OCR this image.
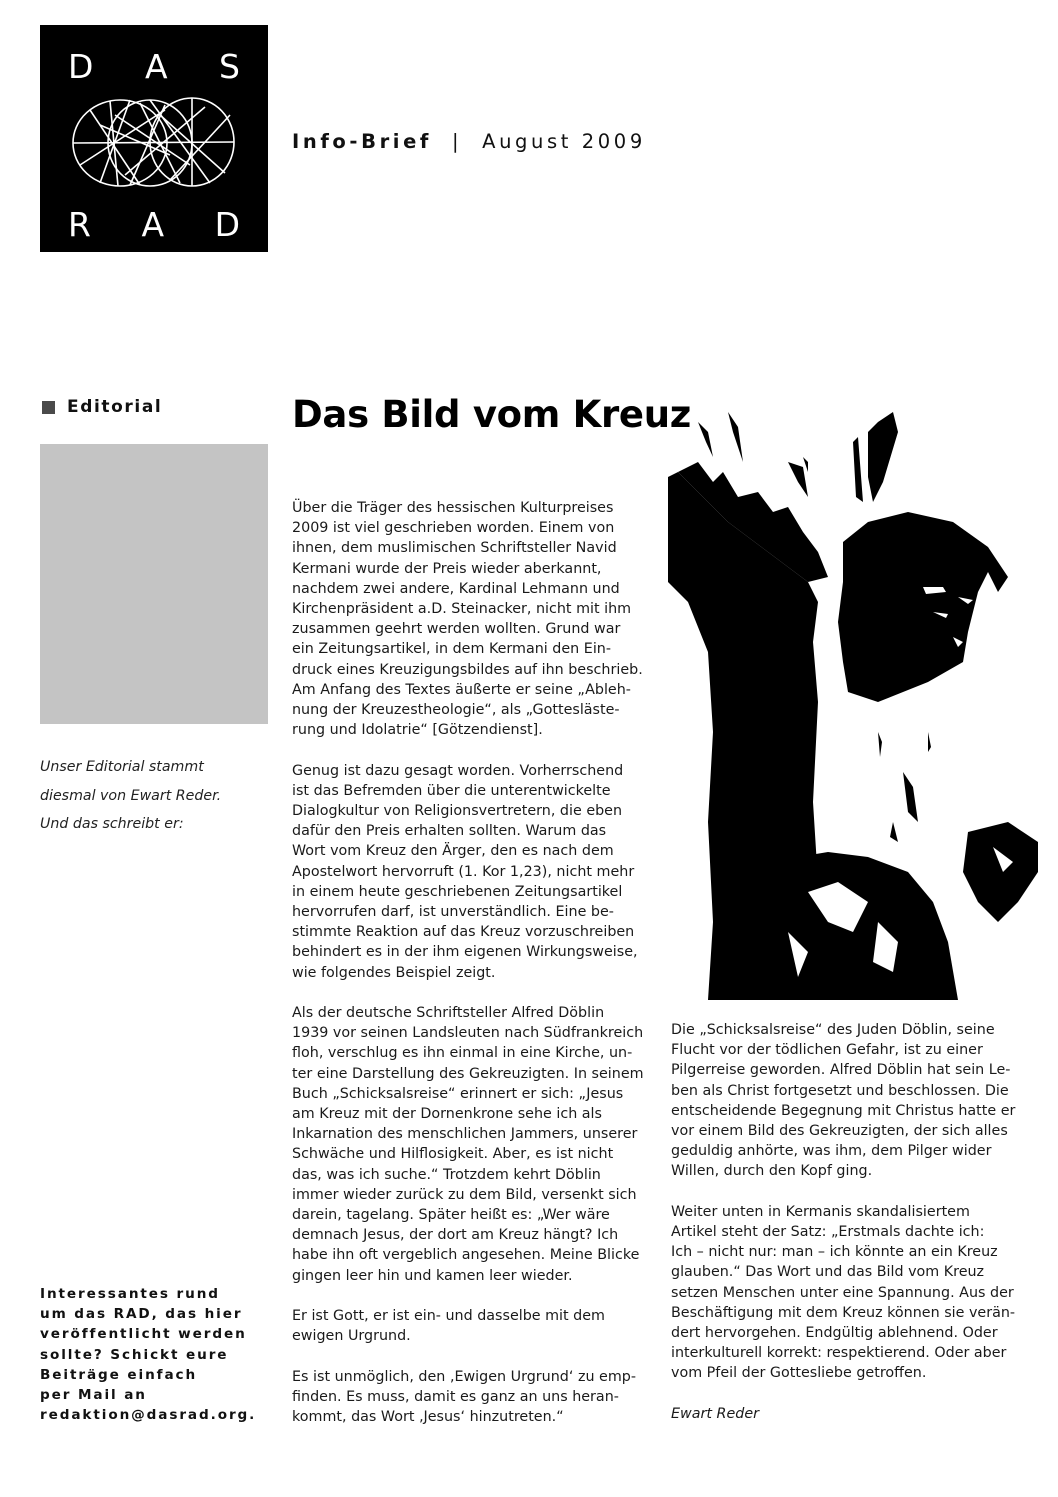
D A S
R A D
Info-Brief | August 2009
Editorial	Das Bild vom Kreuz

Unser Editorial stammt

diesmal von Ewart Reder.

Und das schreibt er:

Interessantes rund
um das RAD, das hier
veröffentlicht werden
sollte? Schickt eure
Beiträge einfach
per Mail an
redaktion@dasrad.org.

Über die Träger des hessischen Kulturpreises
2009 ist viel geschrieben worden. Einem von
ihnen, dem muslimischen Schriftsteller Navid
Kermani wurde der Preis wieder aberkannt,
nachdem zwei andere, Kardinal Lehmann und
Kirchenpräsident a.D. Steinacker, nicht mit ihm
zusammen geehrt werden wollten. Grund war
ein Zeitungsartikel, in dem Kermani den Ein-
druck eines Kreuzigungsbildes auf ihn beschrieb.
Am Anfang des Textes äußerte er seine „Ableh-
nung der Kreuzestheologie“, als „Gottesläste-
rung und Idolatrie“ [Götzendienst].

Genug ist dazu gesagt worden. Vorherrschend
ist das Befremden über die unterentwickelte
Dialogkultur von Religionsvertretern, die eben
dafür den Preis erhalten sollten. Warum das
Wort vom Kreuz den Ärger, den es nach dem
Apostelwort hervorruft (1. Kor 1,23), nicht mehr
in einem heute geschriebenen Zeitungsartikel
hervorrufen darf, ist unverständlich. Eine be-
stimmte Reaktion auf das Kreuz vorzuschreiben
behindert es in der ihm eigenen Wirkungsweise,
wie folgendes Beispiel zeigt.

Als der deutsche Schriftsteller Alfred Döblin
1939 vor seinen Landsleuten nach Südfrankreich
floh, verschlug es ihn einmal in eine Kirche, un-
ter eine Darstellung des Gekreuzigten. In seinem
Buch „Schicksalsreise“ erinnert er sich: „Jesus
am Kreuz mit der Dornenkrone sehe ich als
Inkarnation des menschlichen Jammers, unserer
Schwäche und Hilflosigkeit. Aber, es ist nicht
das, was ich suche.“ Trotzdem kehrt Döblin
immer wieder zurück zu dem Bild, versenkt sich
darein, tagelang. Später heißt es: „Wer wäre
demnach Jesus, der dort am Kreuz hängt? Ich
habe ihn oft vergeblich angesehen. Meine Blicke
gingen leer hin und kamen leer wieder.

Er ist Gott, er ist ein- und dasselbe mit dem
ewigen Urgrund.

Es ist unmöglich, den ‚Ewigen Urgrund‘ zu emp-
finden. Es muss, damit es ganz an uns heran-
kommt, das Wort ‚Jesus‘ hinzutreten.“

Die „Schicksalsreise“ des Juden Döblin, seine
Flucht vor der tödlichen Gefahr, ist zu einer
Pilgerreise geworden. Alfred Döblin hat sein Le-
ben als Christ fortgesetzt und beschlossen. Die
entscheidende Begegnung mit Christus hatte er
vor einem Bild des Gekreuzigten, der sich alles
geduldig anhörte, was ihm, dem Pilger wider
Willen, durch den Kopf ging.

Weiter unten in Kermanis skandalisiertem
Artikel steht der Satz: „Erstmals dachte ich:
Ich – nicht nur: man – ich könnte an ein Kreuz
glauben.“ Das Wort und das Bild vom Kreuz
setzen Menschen unter eine Spannung. Aus der
Beschäftigung mit dem Kreuz können sie verän-
dert hervorgehen. Endgültig ablehnend. Oder
interkulturell korrekt: respektierend. Oder aber
vom Pfeil der Gottesliebe getroffen.

Ewart Reder
